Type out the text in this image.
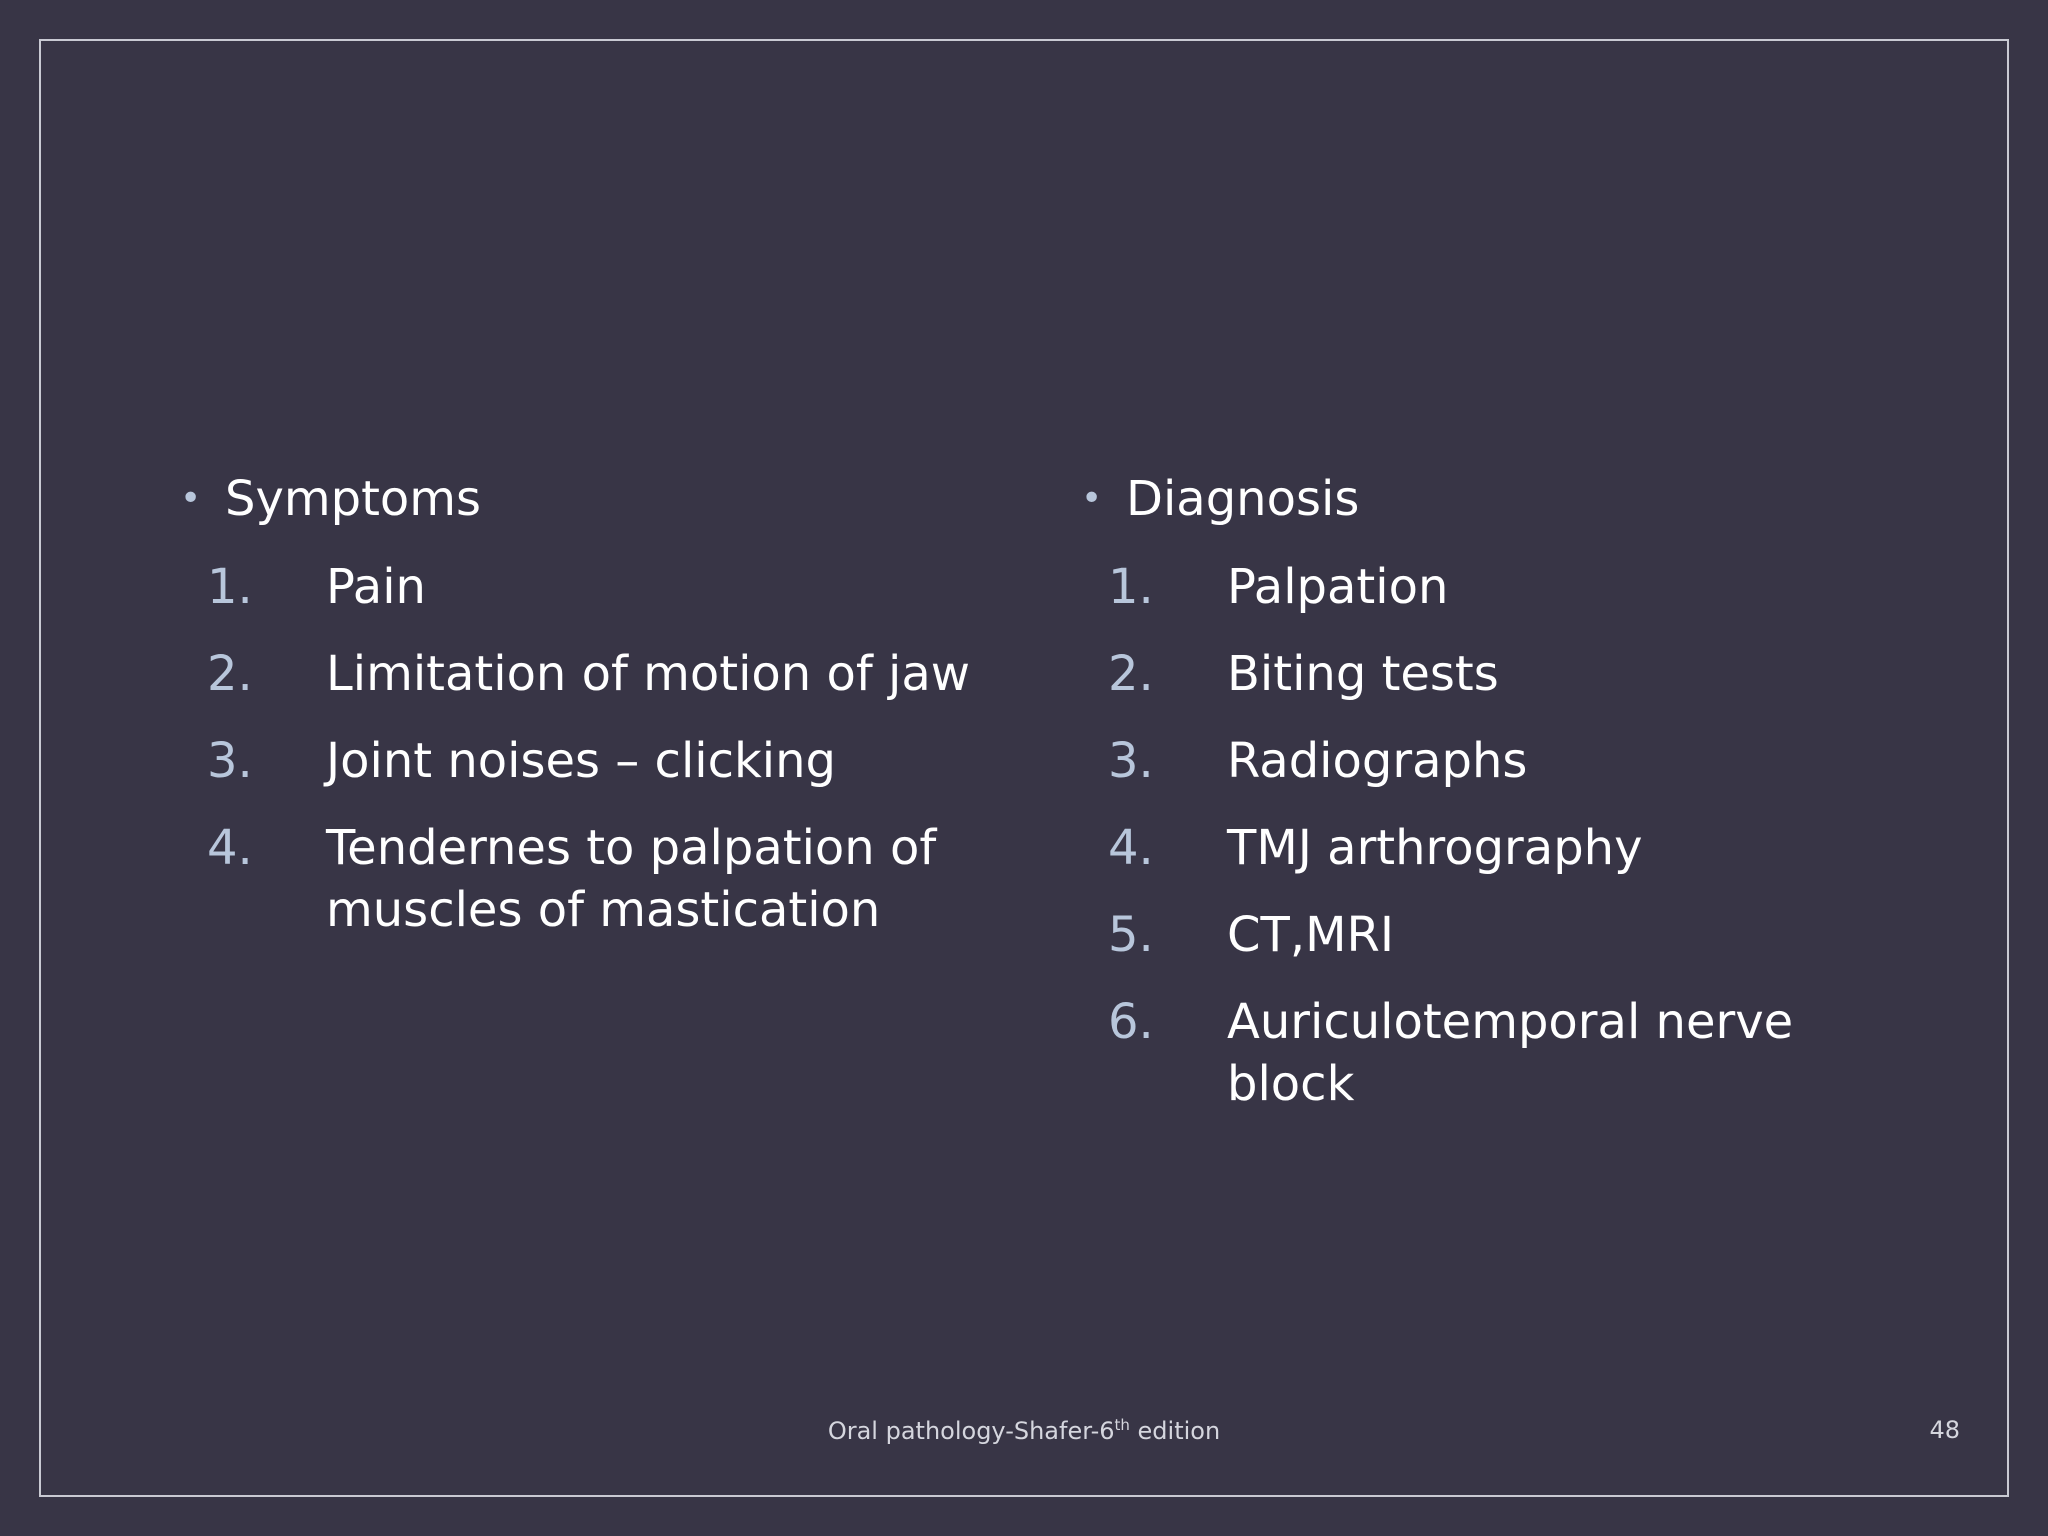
• Symptoms
1. Pain
2. Limitation of motion of jaw
3. Joint noises – clicking
4. Tendernes to palpation of muscles of mastication
• Diagnosis
1. Palpation
2. Biting tests
3. Radiographs
4. TMJ arthrography
5. CT,MRI
6. Auriculotemporal nerve block
Oral pathology-Shafer-6th edition	48
